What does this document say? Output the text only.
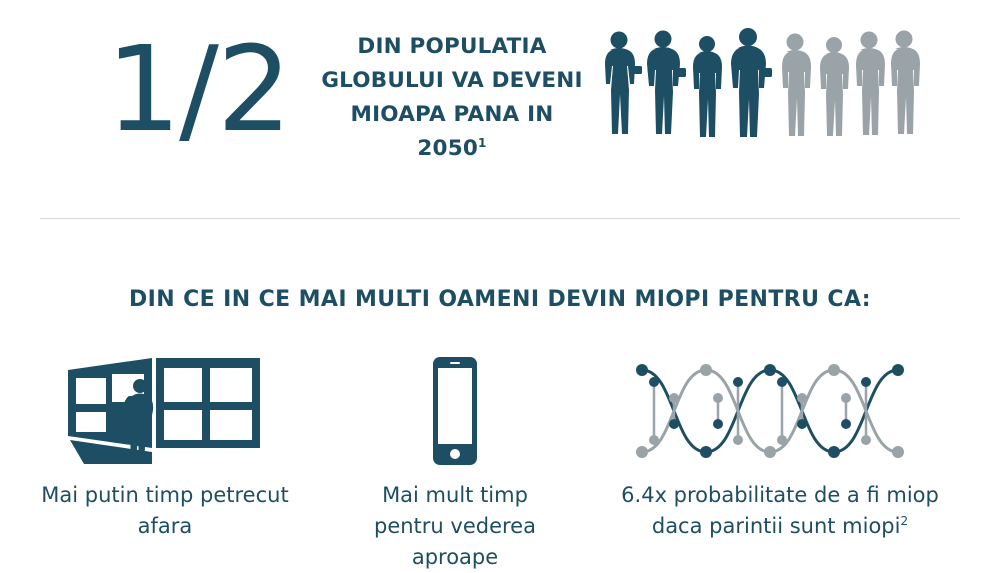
1/2	DIN POPULATIA
GLOBULUI VA DEVENI
MIOAPA PANA IN
2050$^1$
DIN CE IN CE MAI MULTI OAMENI DEVIN MIOPI PENTRU CA:
Mai putin timp petrecut
afara
Mai mult timp
pentru vederea aproape
6.4x probabilitate de a fi miop
daca parintii sunt miopi$^2$
